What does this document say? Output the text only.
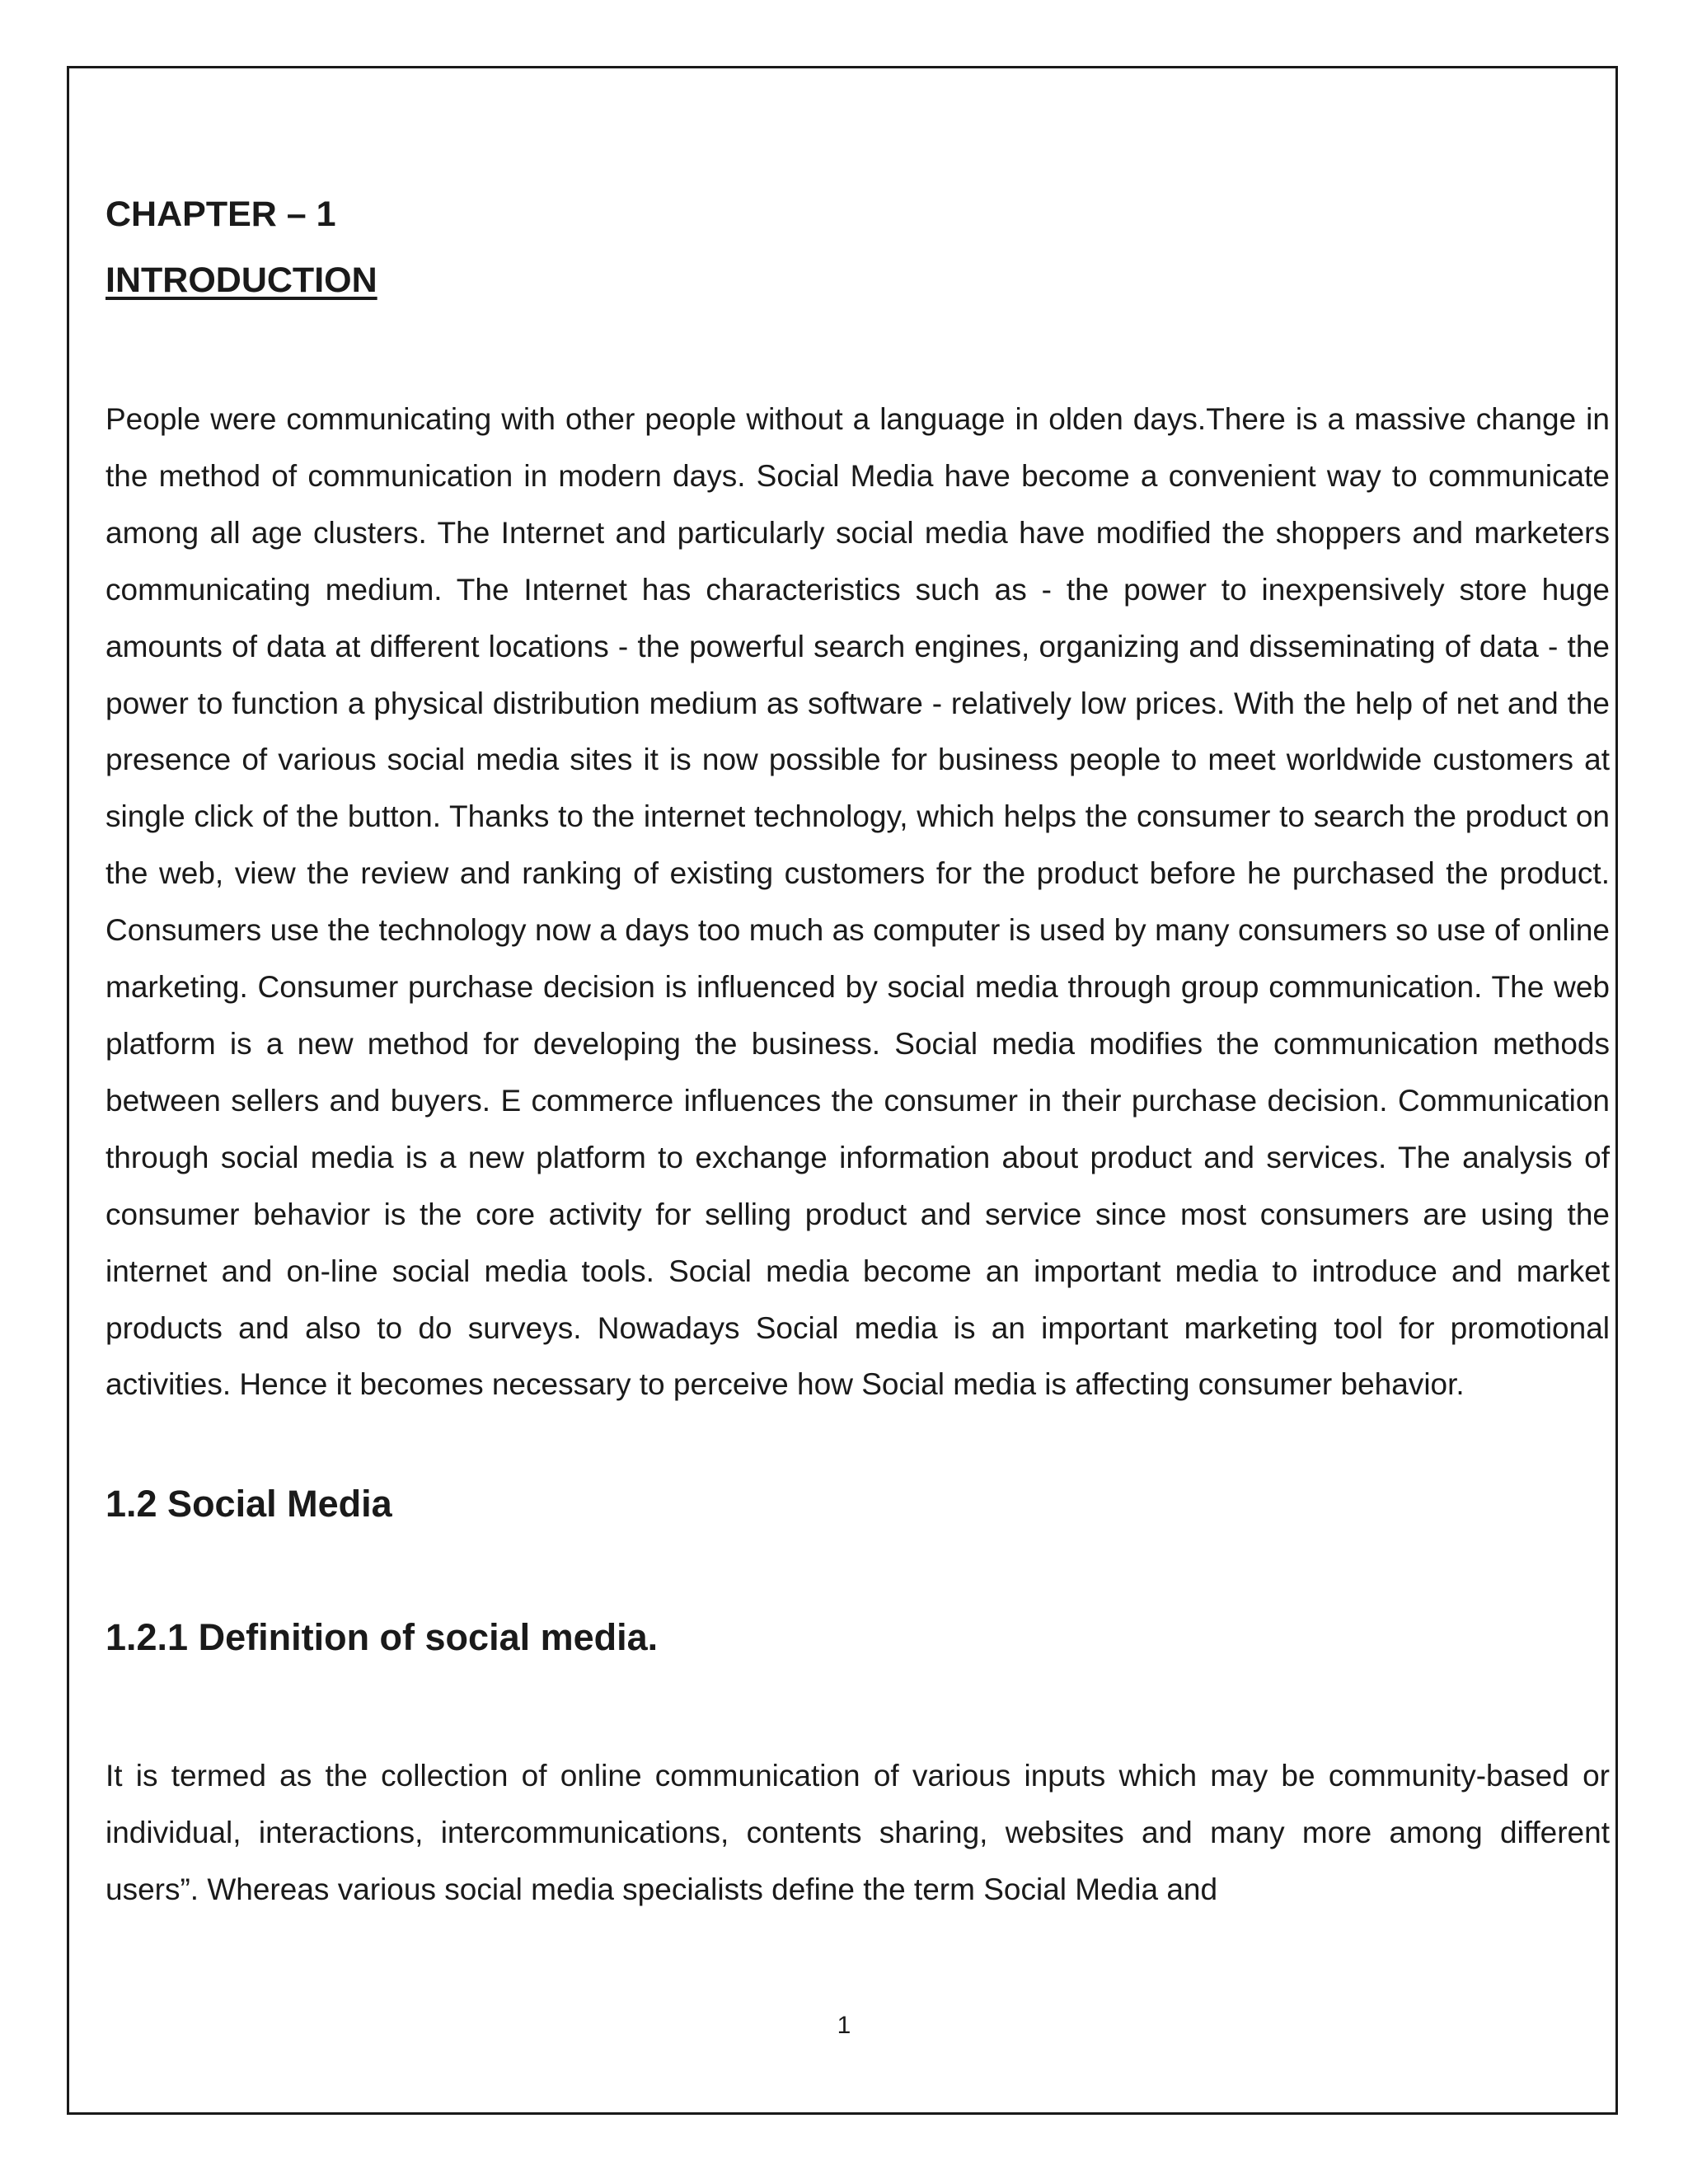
CHAPTER – 1

INTRODUCTION

People were communicating with other people without a language in olden days.There is a massive change in the method of communication in modern days. Social Media have become a convenient way to communicate among all age clusters. The Internet and particularly social media have modified the shoppers and marketers communicating medium. The Internet has characteristics such as - the power to inexpensively store huge amounts of data at different locations - the powerful search engines, organizing and disseminating of data - the power to function a physical distribution medium as software - relatively low prices. With the help of net and the presence of various social media sites it is now possible for business people to meet worldwide customers at single click of the button. Thanks to the internet technology, which helps the consumer to search the product on the web, view the review and ranking of existing customers for the product before he purchased the product. Consumers use the technology now a days too much as computer is used by many consumers so use of online marketing. Consumer purchase decision is influenced by social media through group communication. The web platform is a new method for developing the business. Social media modifies the communication methods between sellers and buyers. E commerce influences the consumer in their purchase decision. Communication through social media is a new platform to exchange information about product and services. The analysis of consumer behavior is the core activity for selling product and service since most consumers are using the internet and on-line social media tools. Social media become an important media to introduce and market products and also to do surveys. Nowadays Social media is an important marketing tool for promotional activities. Hence it becomes necessary to perceive how Social media is affecting consumer behavior.

1.2 Social Media

1.2.1 Definition of social media.

It is termed as the collection of online communication of various inputs which may be community-based or individual, interactions, intercommunications, contents sharing, websites and many more among different users”. Whereas various social media specialists define the term Social Media and

1
